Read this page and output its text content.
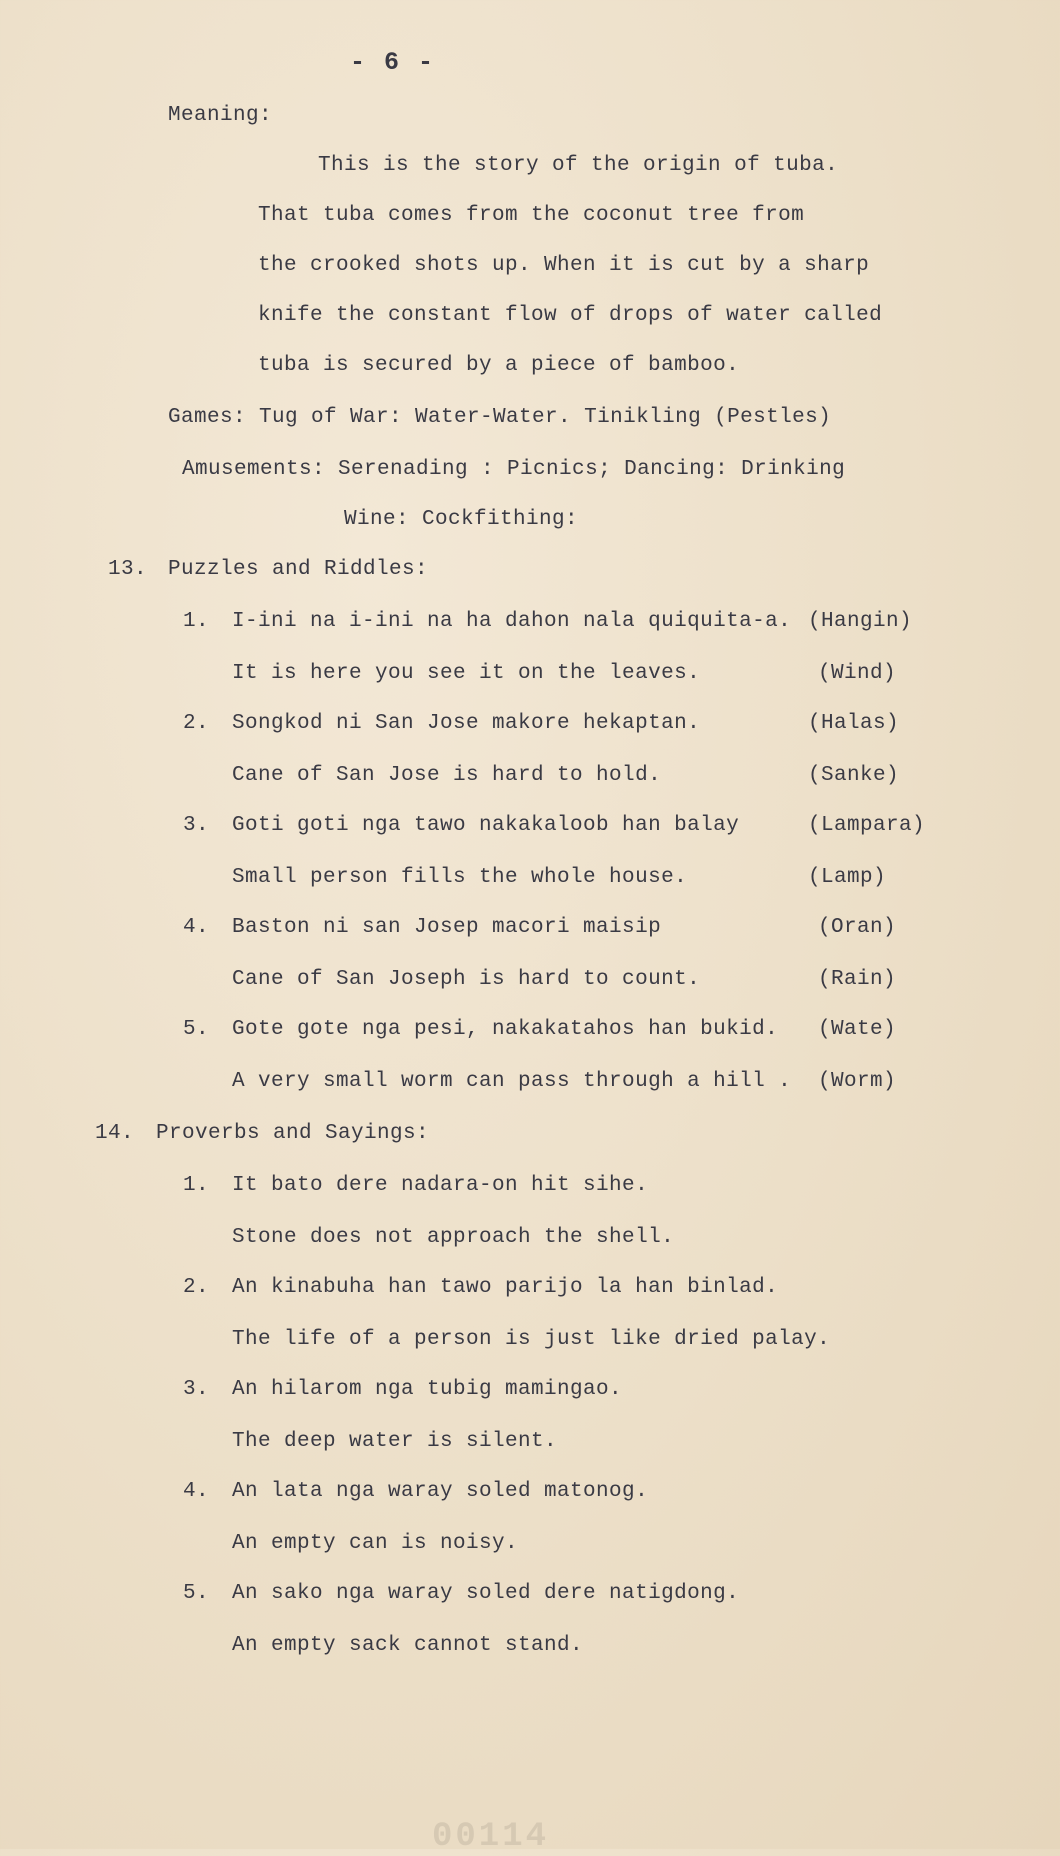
- 6 -
Meaning:
This is the story of the origin of tuba.
That tuba comes from the coconut tree from
the crooked shots up. When it is cut by a sharp
knife the constant flow of drops of water called
tuba is secured by a piece of bamboo.
Games: Tug of War: Water-Water. Tinikling (Pestles)
Amusements: Serenading : Picnics; Dancing: Drinking
Wine: Cockfithing:
13. Puzzles and Riddles:
1. I-ini na i-ini na ha dahon nala quiquita-a. (Hangin)
It is here you see it on the leaves.	(Wind)
2. Songkod ni San Jose makore hekaptan.	(Halas)
Cane of San Jose is hard to hold.	(Sanke)
3. Goti goti nga tawo nakakaloob han balay	(Lampara)
Small person fills the whole house.	(Lamp)
4. Baston ni san Josep macori maisip	(Oran)
Cane of San Joseph is hard to count.	(Rain)
5. Gote gote nga pesi, nakakatahos han bukid. (Wate)
A very small worm can pass through a hill . (Worm)
14. Proverbs and Sayings:
1. It bato dere nadara-on hit sihe.
Stone does not approach the shell.
2. An kinabuha han tawo parijo la han binlad.
The life of a person is just like dried palay.
3. An hilarom nga tubig mamingao.
The deep water is silent.
4. An lata nga waray soled matonog.
An empty can is noisy.
5. An sako nga waray soled dere natigdong.
An empty sack cannot stand.
00114
